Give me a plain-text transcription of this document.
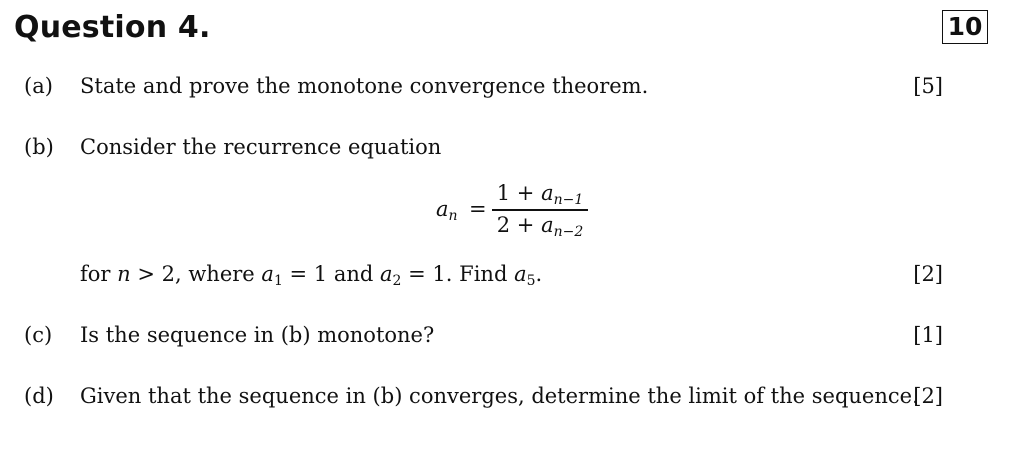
Question 4.	10
(a) State and prove the monotone convergence theorem.	[5]
(b) Consider the recurrence equation
$a_n$ =
$1 + a_{n-1}$
$2 + a_{n-2}$
for n > 2, where $a_1 = 1$ and $a_2 = 1$. Find $a_5$.	[2]
(c) Is the sequence in (b) monotone?	[1]
(d) Given that the sequence in (b) converges, determine the limit of the sequence.
[2]
